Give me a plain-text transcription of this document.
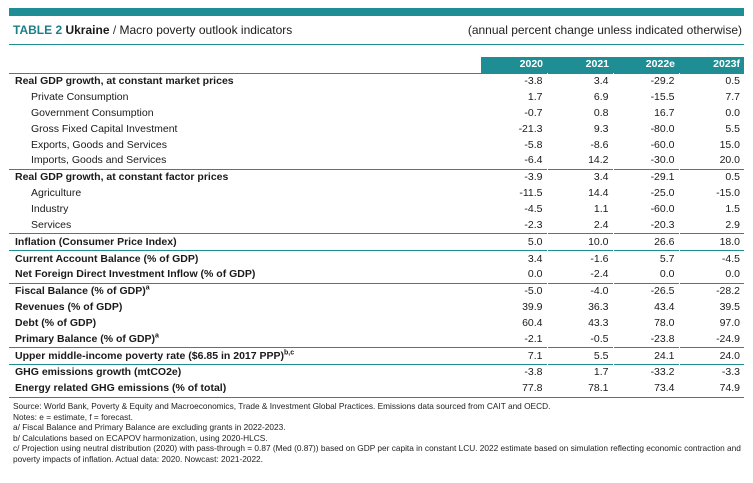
TABLE 2 Ukraine / Macro poverty outlook indicators	(annual percent change unless indicated otherwise)
	2020	2021	2022e	2023f
Real GDP growth, at constant market prices	-3.8	3.4	-29.2	0.5
Private Consumption	1.7	6.9	-15.5	7.7
Government Consumption	-0.7	0.8	16.7	0.0
Gross Fixed Capital Investment	-21.3	9.3	-80.0	5.5
Exports, Goods and Services	-5.8	-8.6	-60.0	15.0
Imports, Goods and Services	-6.4	14.2	-30.0	20.0
Real GDP growth, at constant factor prices	-3.9	3.4	-29.1	0.5
Agriculture	-11.5	14.4	-25.0	-15.0
Industry	-4.5	1.1	-60.0	1.5
Services	-2.3	2.4	-20.3	2.9
Inflation (Consumer Price Index)	5.0	10.0	26.6	18.0
Current Account Balance (% of GDP)	3.4	-1.6	5.7	-4.5
Net Foreign Direct Investment Inflow (% of GDP)	0.0	-2.4	0.0	0.0
Fiscal Balance (% of GDP)$^a$	-5.0	-4.0	-26.5	-28.2
Revenues (% of GDP)	39.9	36.3	43.4	39.5
Debt (% of GDP)	60.4	43.3	78.0	97.0
Primary Balance (% of GDP)$^a$	-2.1	-0.5	-23.8	-24.9
Upper middle-income poverty rate ($6.85 in 2017 PPP)$^{b,c}$	7.1	5.5	24.1	24.0
GHG emissions growth (mtCO2e)	-3.8	1.7	-33.2	-3.3
Energy related GHG emissions (% of total)	77.8	78.1	73.4	74.9
Source: World Bank, Poverty & Equity and Macroeconomics, Trade & Investment Global Practices. Emissions data sourced from CAIT and OECD.
Notes: e = estimate, f = forecast.
a/ Fiscal Balance and Primary Balance are excluding grants in 2022-2023.
b/ Calculations based on ECAPOV harmonization, using 2020-HLCS.
c/ Projection using neutral distribution (2020) with pass-through = 0.87 (Med (0.87)) based on GDP per capita in constant LCU. 2022 estimate based on simulation reflecting economic contraction and poverty impacts of inflation. Actual data: 2020. Nowcast: 2021-2022.
